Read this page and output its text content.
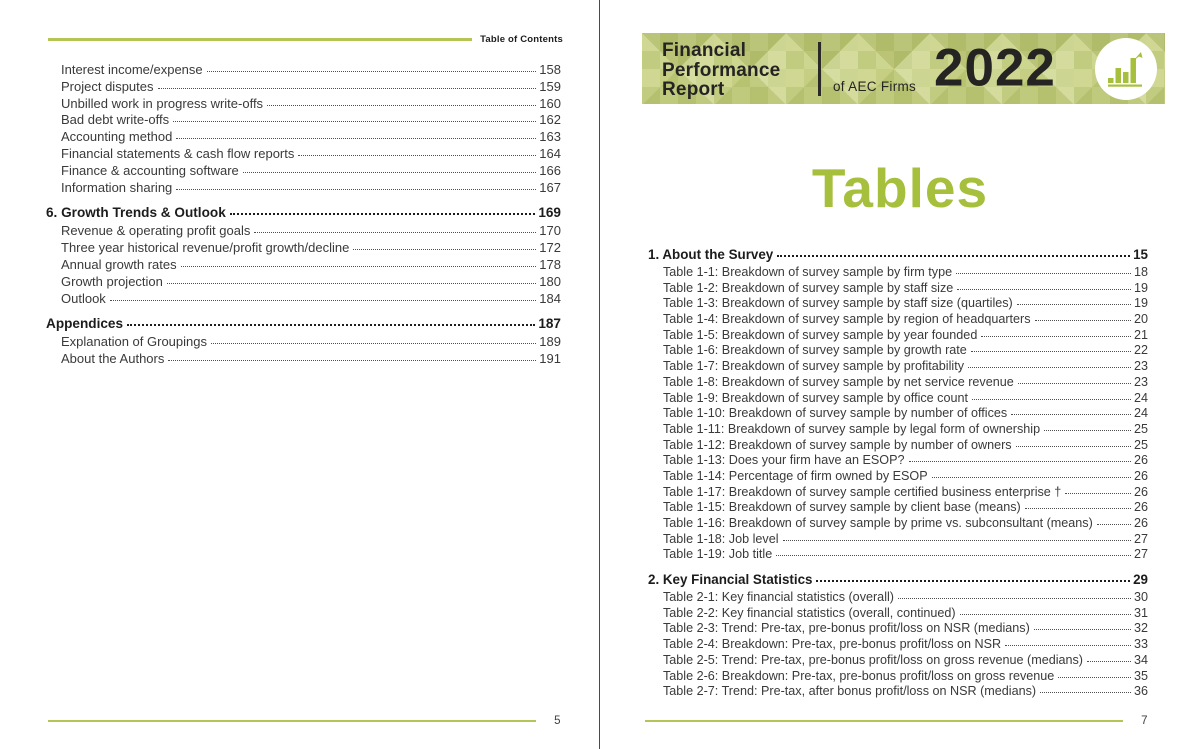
Table of Contents
Interest income/expense	158
Project disputes	159
Unbilled work in progress write-offs	160
Bad debt write-offs	162
Accounting method	163
Financial statements & cash flow reports	164
Finance & accounting software	166
Information sharing	167
6. Growth Trends & Outlook	169
Revenue & operating profit goals	170
Three year historical revenue/profit growth/decline	172
Annual growth rates	178
Growth projection	180
Outlook	184
Appendices	187
Explanation of Groupings	189
About the Authors	191
5
Financial
Performance
Report	of AEC Firms 2022
Tables
1. About the Survey	15
Table 1-1: Breakdown of survey sample by firm type	18
Table 1-2: Breakdown of survey sample by staff size	19
Table 1-3: Breakdown of survey sample by staff size (quartiles)	19
Table 1-4: Breakdown of survey sample by region of headquarters	20
Table 1-5: Breakdown of survey sample by year founded	21
Table 1-6: Breakdown of survey sample by growth rate	22
Table 1-7: Breakdown of survey sample by profitability	23
Table 1-8: Breakdown of survey sample by net service revenue	23
Table 1-9: Breakdown of survey sample by office count	24
Table 1-10: Breakdown of survey sample by number of offices	24
Table 1-11: Breakdown of survey sample by legal form of ownership	25
Table 1-12: Breakdown of survey sample by number of owners	25
Table 1-13: Does your firm have an ESOP?	26
Table 1-14: Percentage of firm owned by ESOP	26
Table 1-17: Breakdown of survey sample certified business enterprise †	26
Table 1-15: Breakdown of survey sample by client base (means)	26
Table 1-16: Breakdown of survey sample by prime vs. subconsultant (means)	26
Table 1-18: Job level	27
Table 1-19: Job title	27
2. Key Financial Statistics	29
Table 2-1: Key financial statistics (overall)	30
Table 2-2: Key financial statistics (overall, continued)	31
Table 2-3: Trend: Pre-tax, pre-bonus profit/loss on NSR (medians)	32
Table 2-4: Breakdown: Pre-tax, pre-bonus profit/loss on NSR	33
Table 2-5: Trend: Pre-tax, pre-bonus profit/loss on gross revenue (medians)	34
Table 2-6: Breakdown: Pre-tax, pre-bonus profit/loss on gross revenue	35
Table 2-7: Trend: Pre-tax, after bonus profit/loss on NSR (medians)	36
7
